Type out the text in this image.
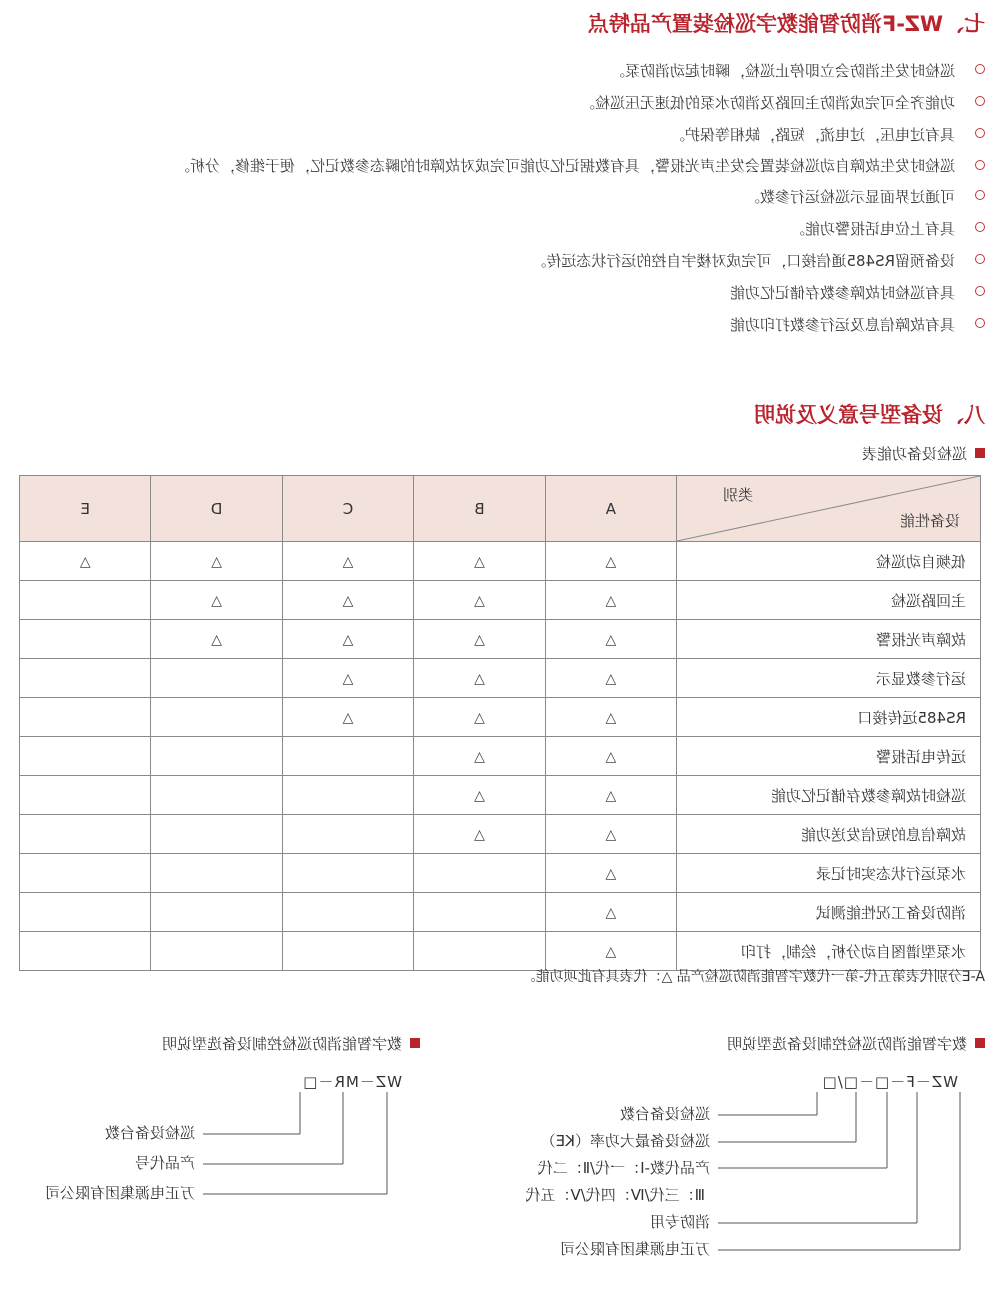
七、WZ-F消防智能数字巡检装置产品特点
巡检时发生消防会立即停止巡检，瞬时起动消防泵。
功能齐全可完成消防主回路及消防水泵的低速无压巡检。
具有过电压，过电流，短路，缺相等保护。
巡检时发生故障自动巡检装置会发生声光报警，具有数据记忆功能可完成对故障时的瞬态参数记忆，便于维修，分析。
可通过界面显示巡检运行参数。
具有上位电话报警功能。
设备预留RS485通信接口，可完成对楼宇自控的运行状态远传。
具有巡检时故障参数存储记忆功能
具有故障信息及运行参数打印功能
八、设备型号意义及说明
巡检设备功能表
类别
设备性能	A	B	C	D	E
低频自动巡检	△	△	△	△	△
主回路巡检	△	△	△	△	
故障声光报警	△	△	△	△	
运行参数显示	△	△	△		
RS485远传接口	△	△	△		
远传电话报警	△	△			
巡检时故障参数存储记忆功能	△	△			
故障信息的短信发送功能	△	△			
水泵运行状态实时记录	△				
消防设备工况性能测试	△				
水泵型谱图自动分析，绘制，打印	△				
A-E分别代表第五代-第一代数字智能消防巡检产品 △：代表具有此项功能。
数字智能消防巡检控制设备选型说明
WZ－F－□－□/□
巡检设备台数
巡检设备最大功率（KE）
产品代数-Ⅰ：一代/Ⅱ：二代
Ⅲ：三代/Ⅳ：四代/Ⅴ：五代
消防专用
万正电源集团有限公司
数字智能消防巡检控制设备选型说明
WZ－MR－□
巡检设备台数
产品代号
万正电源集团有限公司
